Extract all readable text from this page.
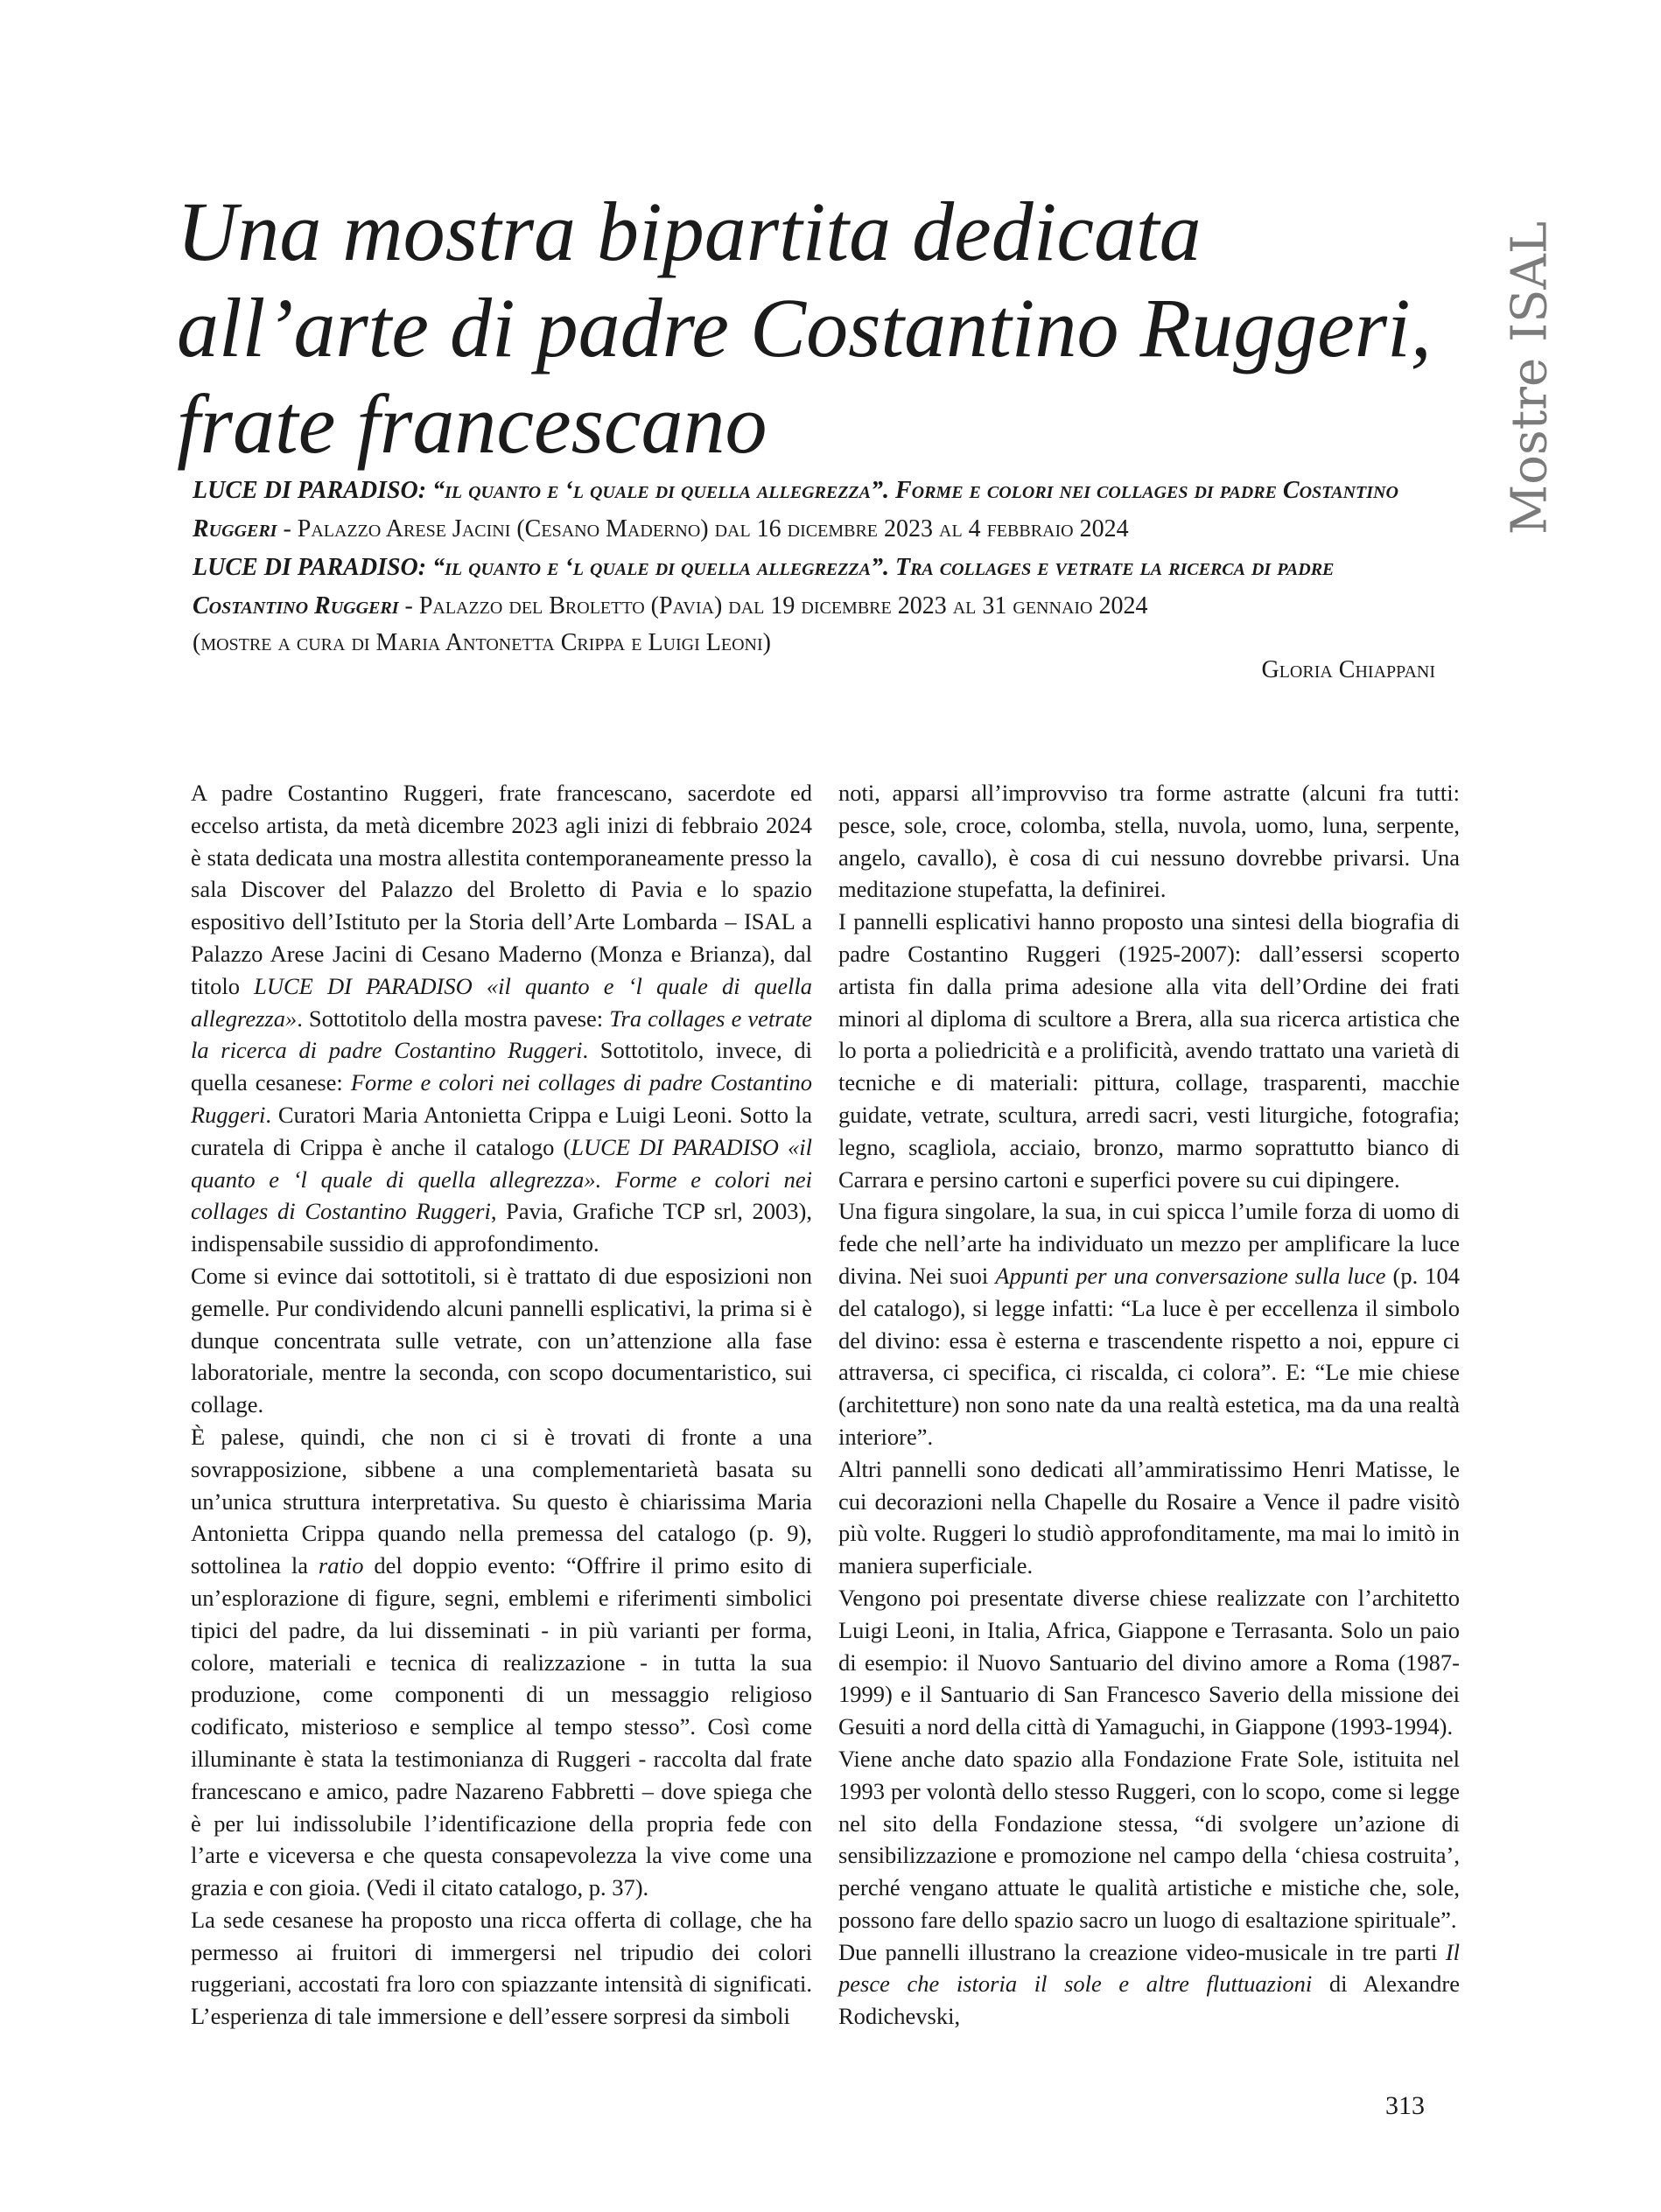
Una mostra bipartita dedicata
all’arte di padre Costantino Ruggeri,
frate francescano	Mostre ISAL
LUCE DI PARADISO: “il quanto e ‘l quale di quella allegrezza”. Forme e colori nei collages di padre Costantino
Ruggeri - Palazzo Arese Jacini (Cesano Maderno) dal 16 dicembre 2023 al 4 febbraio 2024
LUCE DI PARADISO: “il quanto e ‘l quale di quella allegrezza”. Tra collages e vetrate la ricerca di padre
Costantino Ruggeri - Palazzo del Broletto (Pavia) dal 19 dicembre 2023 al 31 gennaio 2024
(mostre a cura di Maria Antonetta Crippa e Luigi Leoni)
Gloria Chiappani

A padre Costantino Ruggeri, frate francescano, sacerdote ed eccelso artista, da metà dicembre 2023 agli inizi di febbraio 2024 è stata dedicata una mostra allestita contemporaneamente presso la sala Discover del Palazzo del Broletto di Pavia e lo spazio espositivo dell’Istituto per la Storia dell’Arte Lombarda – ISAL a Palazzo Arese Jacini di Cesano Maderno (Monza e Brianza), dal titolo LUCE DI PARADISO «il quanto e ‘l quale di quella allegrezza». Sottotitolo della mostra pavese: Tra collages e vetrate la ricerca di padre Costantino Ruggeri. Sottotitolo, invece, di quella cesanese: Forme e colori nei collages di padre Costantino Ruggeri. Curatori Maria Antonietta Crippa e Luigi Leoni. Sotto la curatela di Crippa è anche il catalogo (LUCE DI PARADISO «il quanto e ‘l quale di quella allegrezza». Forme e colori nei collages di Costantino Ruggeri, Pavia, Grafiche TCP srl, 2003), indispensabile sussidio di approfondimento.

Come si evince dai sottotitoli, si è trattato di due esposizioni non gemelle. Pur condividendo alcuni pannelli esplicativi, la prima si è dunque concentrata sulle vetrate, con un’attenzione alla fase laboratoriale, mentre la seconda, con scopo documentaristico, sui collage.

È palese, quindi, che non ci si è trovati di fronte a una sovrapposizione, sibbene a una complementarietà basata su un’unica struttura interpretativa. Su questo è chiarissima Maria Antonietta Crippa quando nella premessa del catalogo (p. 9), sottolinea la ratio del doppio evento: “Offrire il primo esito di un’esplorazione di figure, segni, emblemi e riferimenti simbolici tipici del padre, da lui disseminati - in più varianti per forma, colore, materiali e tecnica di realizzazione - in tutta la sua produzione, come componenti di un messaggio religioso codificato, misterioso e semplice al tempo stesso”. Così come illuminante è stata la testimonianza di Ruggeri - raccolta dal frate francescano e amico, padre Nazareno Fabbretti – dove spiega che è per lui indissolubile l’identificazione della propria fede con l’arte e viceversa e che questa consapevolezza la vive come una grazia e con gioia. (Vedi il citato catalogo, p. 37).

La sede cesanese ha proposto una ricca offerta di collage, che ha permesso ai fruitori di immergersi nel tripudio dei colori ruggeriani, accostati fra loro con spiazzante intensità di significati. L’esperienza di tale immersione e dell’essere sorpresi da simboli

noti, apparsi all’improvviso tra forme astratte (alcuni fra tutti: pesce, sole, croce, colomba, stella, nuvola, uomo, luna, serpente, angelo, cavallo), è cosa di cui nessuno dovrebbe privarsi. Una meditazione stupefatta, la definirei.

I pannelli esplicativi hanno proposto una sintesi della biografia di padre Costantino Ruggeri (1925-2007): dall’essersi scoperto artista fin dalla prima adesione alla vita dell’Ordine dei frati minori al diploma di scultore a Brera, alla sua ricerca artistica che lo porta a poliedricità e a prolificità, avendo trattato una varietà di tecniche e di materiali: pittura, collage, trasparenti, macchie guidate, vetrate, scultura, arredi sacri, vesti liturgiche, fotografia; legno, scagliola, acciaio, bronzo, marmo soprattutto bianco di Carrara e persino cartoni e superfici povere su cui dipingere.

Una figura singolare, la sua, in cui spicca l’umile forza di uomo di fede che nell’arte ha individuato un mezzo per amplificare la luce divina. Nei suoi Appunti per una conversazione sulla luce (p. 104 del catalogo), si legge infatti: “La luce è per eccellenza il simbolo del divino: essa è esterna e trascendente rispetto a noi, eppure ci attraversa, ci specifica, ci riscalda, ci colora”. E: “Le mie chiese (architetture) non sono nate da una realtà estetica, ma da una realtà interiore”.

Altri pannelli sono dedicati all’ammiratissimo Henri Matisse, le cui decorazioni nella Chapelle du Rosaire a Vence il padre visitò più volte. Ruggeri lo studiò approfonditamente, ma mai lo imitò in maniera superficiale.

Vengono poi presentate diverse chiese realizzate con l’architetto Luigi Leoni, in Italia, Africa, Giappone e Terrasanta. Solo un paio di esempio: il Nuovo Santuario del divino amore a Roma (1987-1999) e il Santuario di San Francesco Saverio della missione dei Gesuiti a nord della città di Yamaguchi, in Giappone (1993-1994).

Viene anche dato spazio alla Fondazione Frate Sole, istituita nel 1993 per volontà dello stesso Ruggeri, con lo scopo, come si legge nel sito della Fondazione stessa, “di svolgere un’azione di sensibilizzazione e promozione nel campo della ‘chiesa costruita’, perché vengano attuate le qualità artistiche e mistiche che, sole, possono fare dello spazio sacro un luogo di esaltazione spirituale”.

Due pannelli illustrano la creazione video-musicale in tre parti Il pesce che istoria il sole e altre fluttuazioni di Alexandre Rodichevski,

313
